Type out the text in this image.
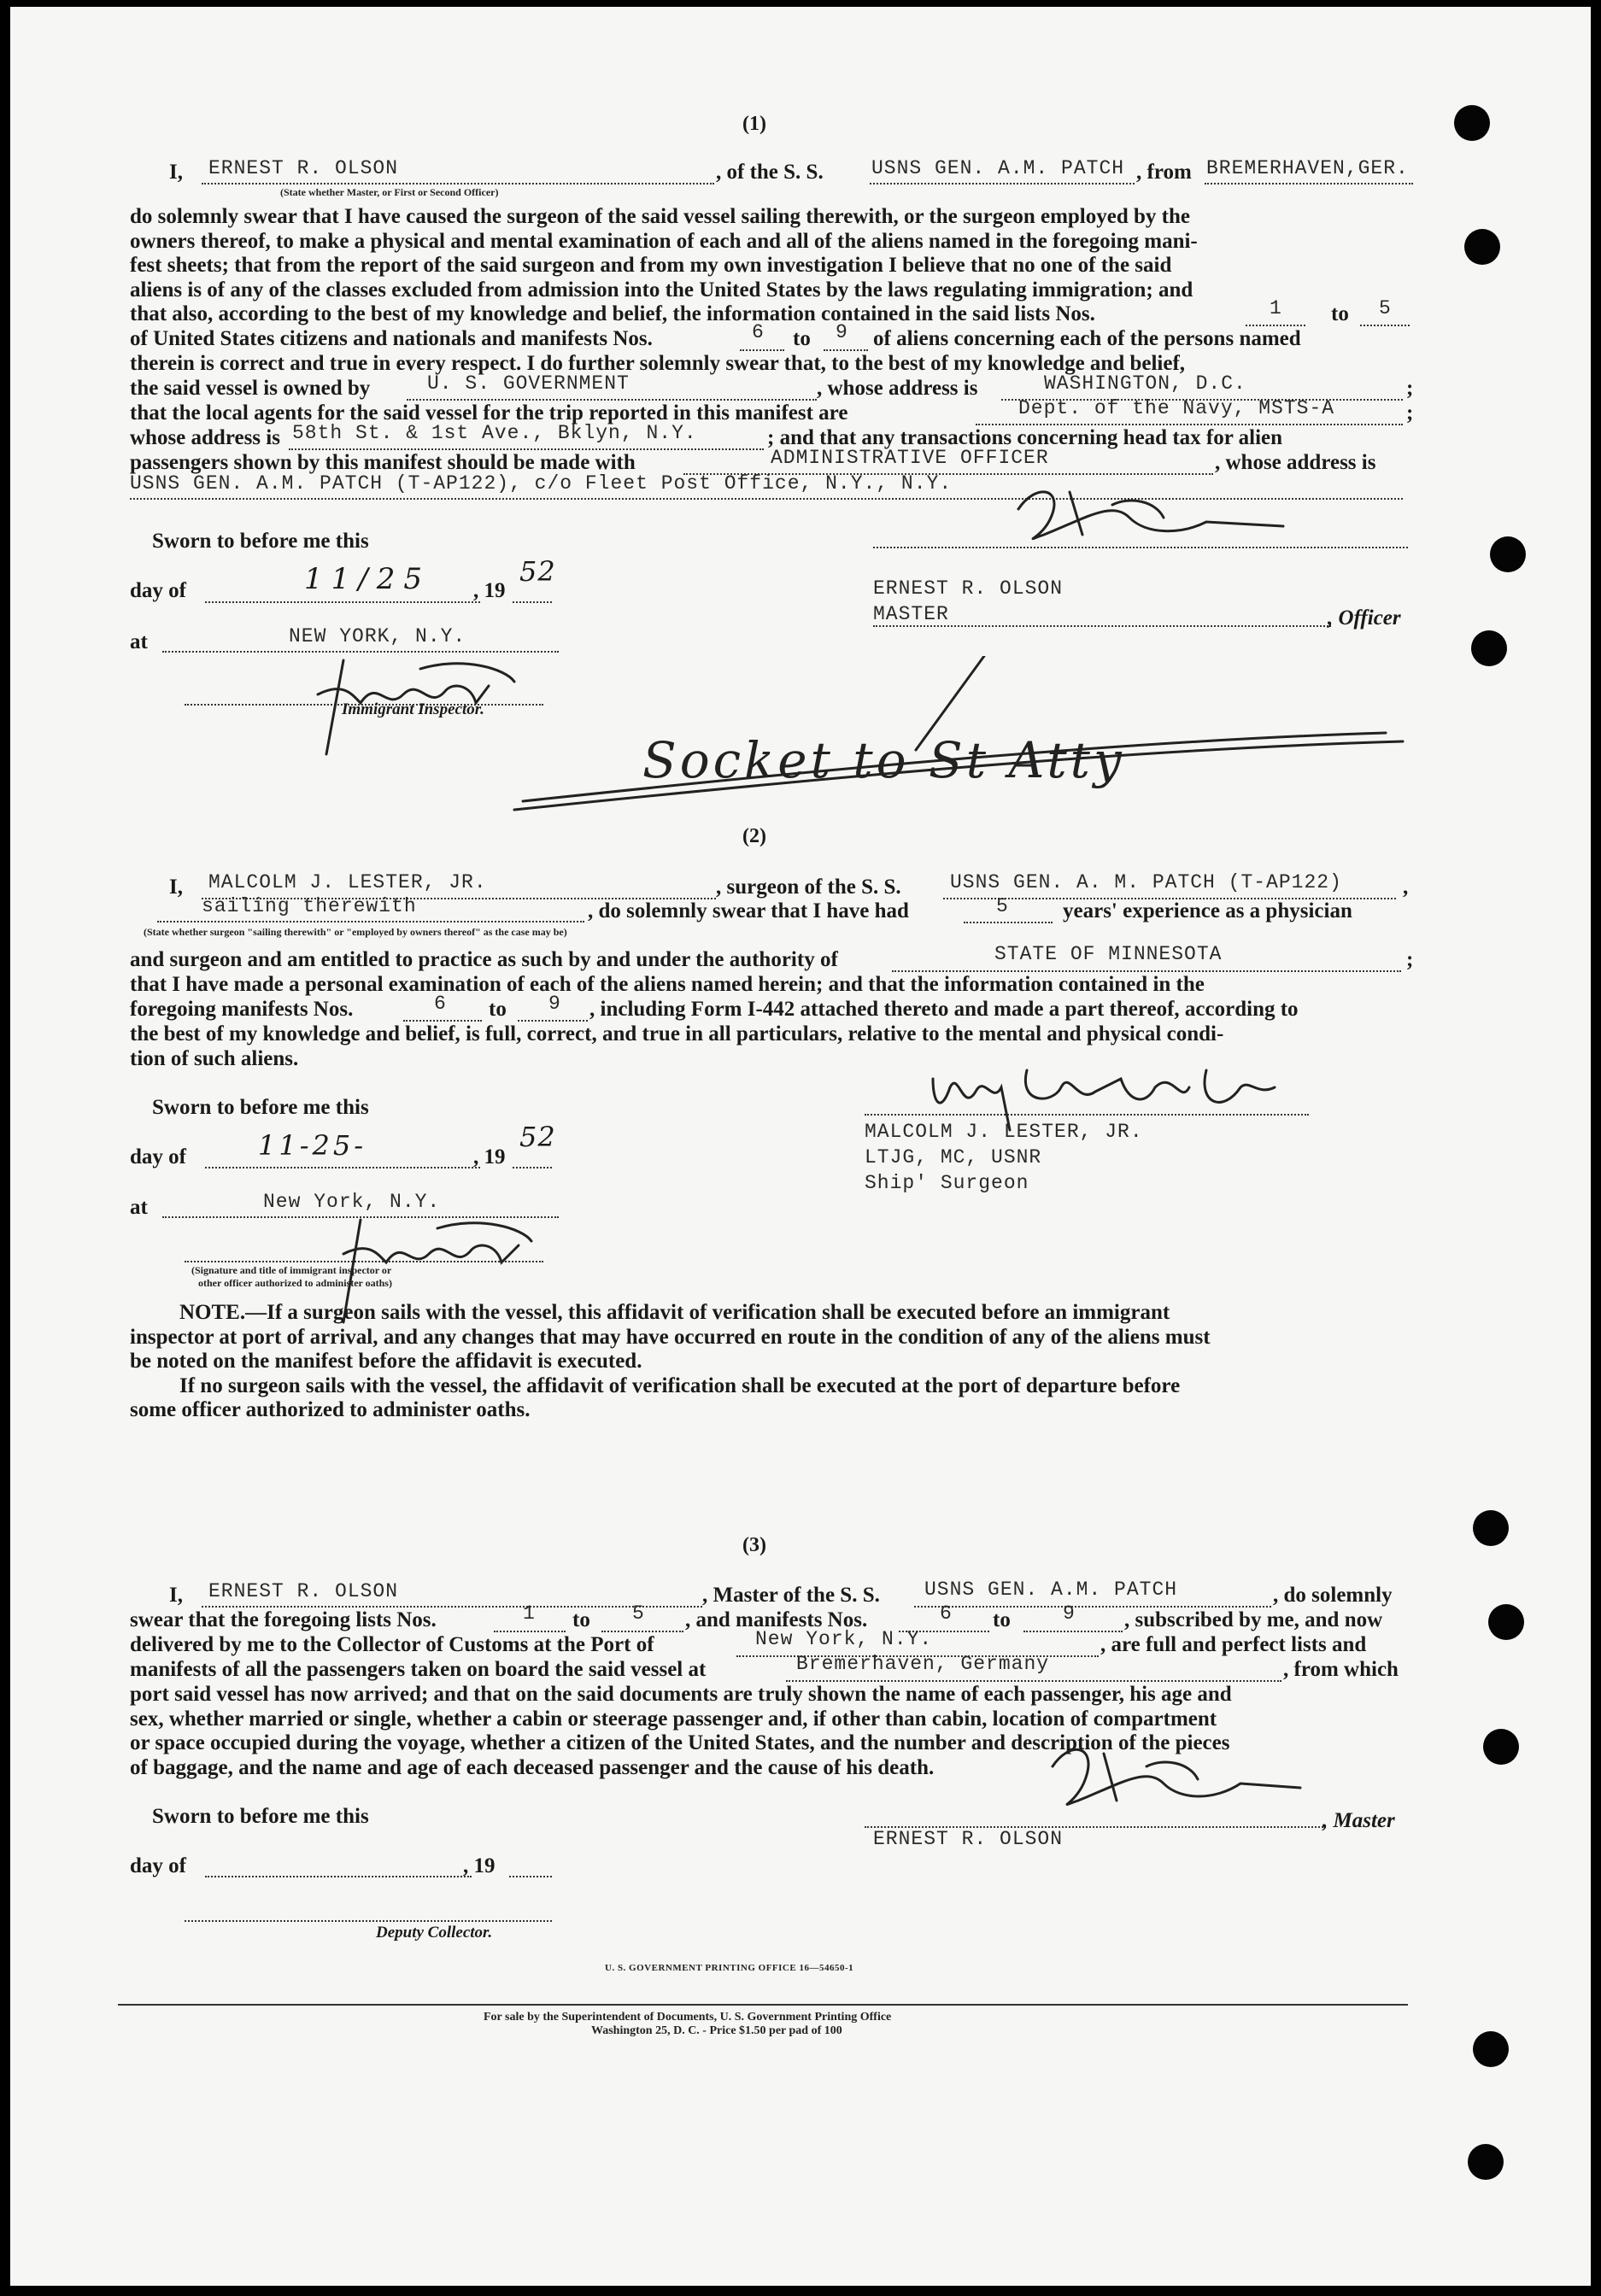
(1)
I, ERNEST R. OLSON	, of the S. S. USNS GEN. A.M. PATCH , from BREMERHAVEN,GER.
(State whether Master, or First or Second Officer)
do solemnly swear that I have caused the surgeon of the said vessel sailing therewith, or the surgeon employed by the
owners thereof, to make a physical and mental examination of each and all of the aliens named in the foregoing mani-
fest sheets; that from the report of the said surgeon and from my own investigation I believe that no one of the said
aliens is of any of the classes excluded from admission into the United States by the laws regulating immigration; and
that also, according to the best of my knowledge and belief, the information contained in the said lists Nos.	1 to 5
of United States citizens and nationals and manifests Nos.	6 to 9 of aliens concerning each of the persons named
therein is correct and true in every respect. I do further solemnly swear that, to the best of my knowledge and belief,
the said vessel is owned by	U. S. GOVERNMENT	, whose address is	WASHINGTON, D.C.	;
that the local agents for the said vessel for the trip reported in this manifest are	Dept. of the Navy, MSTS-A	;
whose address is 58th St. & 1st Ave., Bklyn, N.Y.	; and that any transactions concerning head tax for alien
passengers shown by this manifest should be made with	ADMINISTRATIVE OFFICER	, whose address is
USNS GEN. A.M. PATCH (T-AP122), c/o Fleet Post Office, N.Y., N.Y.
Sworn to before me this
day of	11/25 , 19
52
ERNEST R. OLSON
MASTER	, Officer
at	NEW YORK, N.Y.
Immigrant Inspector.
Socket to St Atty
(2)
I, MALCOLM J. LESTER, JR.	, surgeon of the S. S. USNS GEN. A. M. PATCH (T-AP122)	,
sailing therewith	, do solemnly swear that I have had	5	years' experience as a physician
(State whether surgeon "sailing therewith" or "employed by owners thereof" as the case may be)
and surgeon and am entitled to practice as such by and under the authority of	STATE OF MINNESOTA	;
that I have made a personal examination of each of the aliens named herein; and that the information contained in the
foregoing manifests Nos.	6 to 9 , including Form I-442 attached thereto and made a part thereof, according to
the best of my knowledge and belief, is full, correct, and true in all particulars, relative to the mental and physical condi-
tion of such aliens.
Sworn to before me this
day of	11-25-	, 19
52	MALCOLM J. LESTER, JR.
LTJG, MC, USNR
Ship' Surgeon
at	New York, N.Y.
(Signature and title of immigrant inspector or
other officer authorized to administer oaths)
NOTE.—If a surgeon sails with the vessel, this affidavit of verification shall be executed before an immigrant
inspector at port of arrival, and any changes that may have occurred en route in the condition of any of the aliens must
be noted on the manifest before the affidavit is executed.
If no surgeon sails with the vessel, the affidavit of verification shall be executed at the port of departure before
some officer authorized to administer oaths.
(3)
I, ERNEST R. OLSON	, Master of the S. S. USNS GEN. A.M. PATCH	, do solemnly
swear that the foregoing lists Nos.	1 to 5 , and manifests Nos.	6 to	9 , subscribed by me, and now
delivered by me to the Collector of Customs at the Port of	New York, N.Y.	, are full and perfect lists and
manifests of all the passengers taken on board the said vessel at	Bremerhaven, Germany	, from which
port said vessel has now arrived; and that on the said documents are truly shown the name of each passenger, his age and
sex, whether married or single, whether a cabin or steerage passenger and, if other than cabin, location of compartment
or space occupied during the voyage, whether a citizen of the United States, and the number and description of the pieces
of baggage, and the name and age of each deceased passenger and the cause of his death.
Sworn to before me this	, Master
ERNEST R. OLSON
day of	, 19
Deputy Collector.
U. S. GOVERNMENT PRINTING OFFICE 16—54650-1
For sale by the Superintendent of Documents, U. S. Government Printing Office
Washington 25, D. C. - Price $1.50 per pad of 100
